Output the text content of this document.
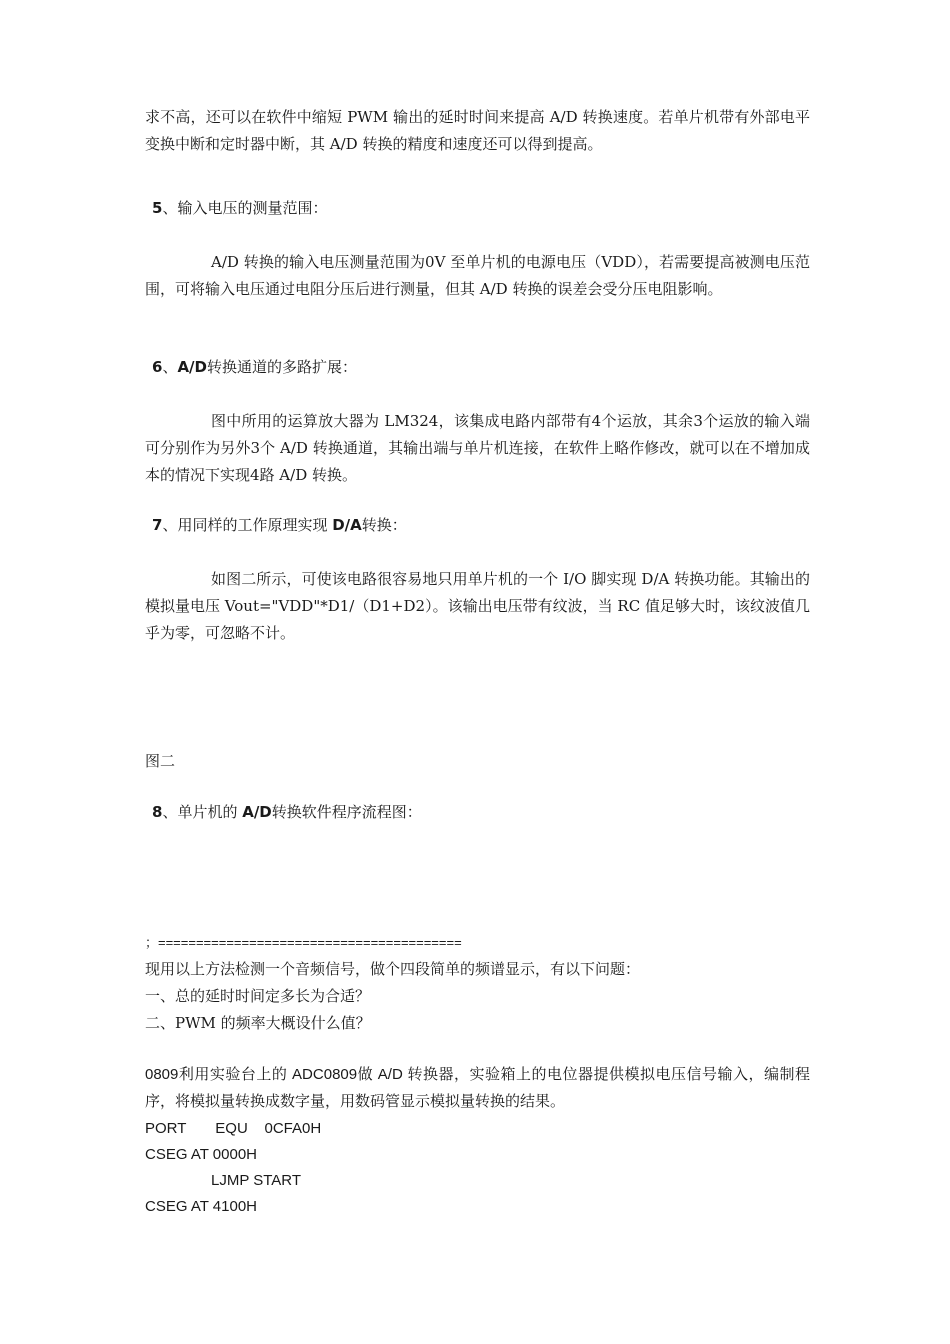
求不高，还可以在软件中缩短 PWM 输出的延时时间来提高 A/D 转换速度。若单片机带有外部电平变换中断和定时器中断，其 A/D 转换的精度和速度还可以得到提高。

5、输入电压的测量范围：

A/D 转换的输入电压测量范围为0V 至单片机的电源电压（VDD），若需要提高被测电压范围，可将输入电压通过电阻分压后进行测量，但其 A/D 转换的误差会受分压电阻影响。

6、A/D转换通道的多路扩展：

图中所用的运算放大器为 LM324，该集成电路内部带有4个运放，其余3个运放的输入端可分别作为另外3个 A/D 转换通道，其输出端与单片机连接，在软件上略作修改，就可以在不增加成本的情况下实现4路 A/D 转换。

7、用同样的工作原理实现 D/A转换：

如图二所示，可使该电路很容易地只用单片机的一个 I/O 脚实现 D/A 转换功能。其输出的模拟量电压 Vout="VDD"*D1/（D1+D2）。该输出电压带有纹波，当 RC 值足够大时，该纹波值几乎为零，可忽略不计。

图二
8、单片机的 A/D转换软件程序流程图：
；========================================
现用以上方法检测一个音频信号，做个四段简单的频谱显示，有以下问题：
一、总的延时时间定多长为合适？
二、PWM 的频率大概设什么值？

0809利用实验台上的 ADC0809做 A/D 转换器，实验箱上的电位器提供模拟电压信号输入，编制程序，将模拟量转换成数字量，用数码管显示模拟量转换的结果。

PORT       EQU    0CFA0H
CSEG AT 0000H
LJMP START
CSEG AT 4100H
